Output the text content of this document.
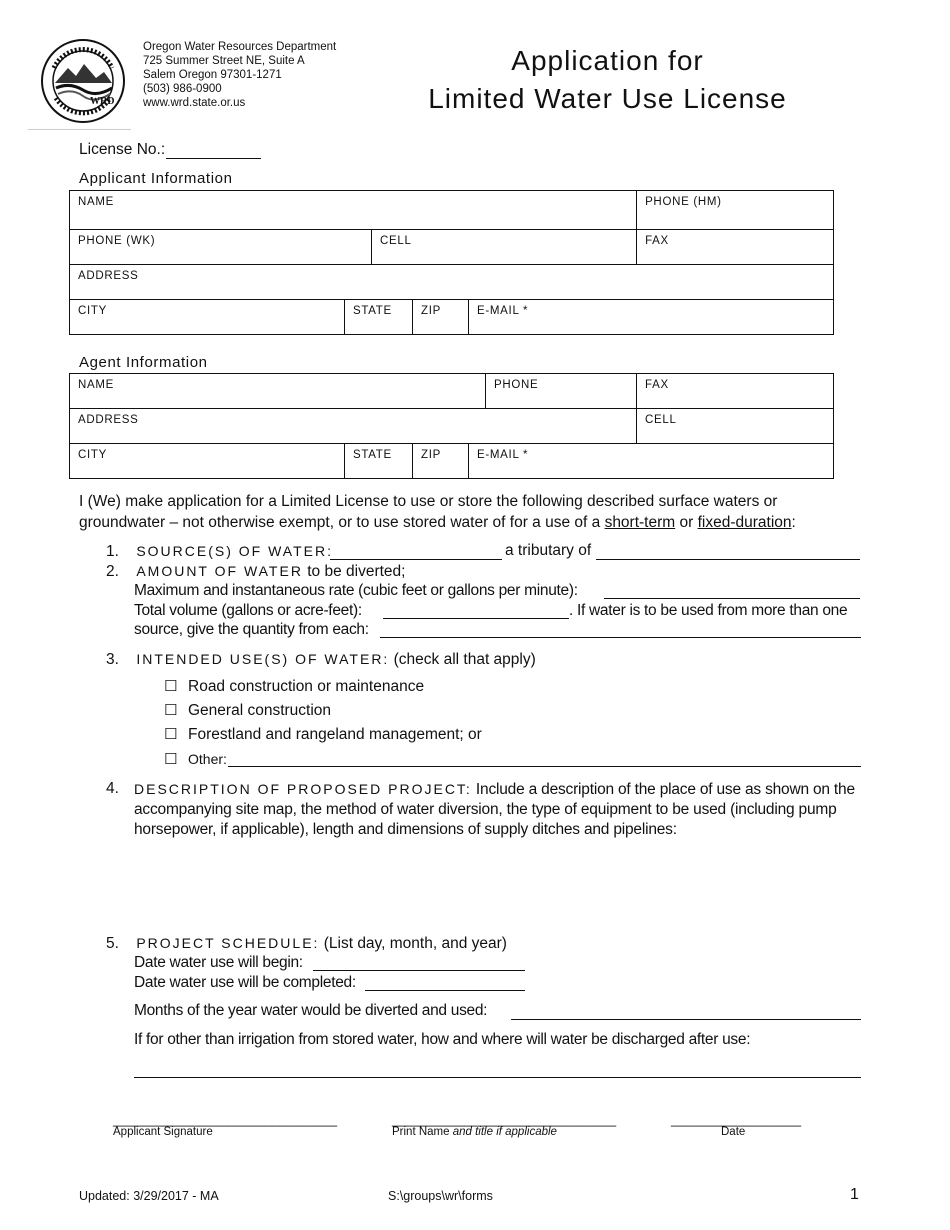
WRD
Oregon Water Resources Department
725 Summer Street NE, Suite A
Salem Oregon 97301-1271
(503) 986-0900
www.wrd.state.or.us
Application for
Limited Water Use License
License No.:
Applicant Information
NAME					PHONE (HM)
PHONE (WK)		CELL			FAX
ADDRESS					
CITY	STATE		ZIP	E-MAIL *	
Agent Information
NAME				PHONE	FAX
ADDRESS					CELL
CITY	STATE	ZIP	E-MAIL *		
I (We) make application for a Limited License to use or store the following described surface waters or groundwater – not otherwise exempt, or to use stored water of for a use of a short-term or fixed-duration:
1. SOURCE(S) OF WATER:	a tributary of
2. AMOUNT OF WATER to be diverted;
Maximum and instantaneous rate (cubic feet or gallons per minute):
Total volume (gallons or acre-feet):	. If water is to be used from more than one
source, give the quantity from each:
3. INTENDED USE(S) OF WATER: (check all that apply)
☐ Road construction or maintenance
☐ General construction
☐ Forestland and rangeland management; or
☐ Other:
4. DESCRIPTION OF PROPOSED PROJECT: Include a description of the place of use as shown on the accompanying site map, the method of water diversion, the type of equipment to be used (including pump horsepower, if applicable), length and dimensions of supply ditches and pipelines:
5. PROJECT SCHEDULE: (List day, month, and year)
Date water use will begin:
Date water use will be completed:
Months of the year water would be diverted and used:
If for other than irrigation from stored water, how and where will water be discharged after use:
_______________________________
Applicant Signature
_______________________________
Print Name and title if applicable
__________________
Date
Updated: 3/29/2017 - MA	S:\groups\wr\forms	1
